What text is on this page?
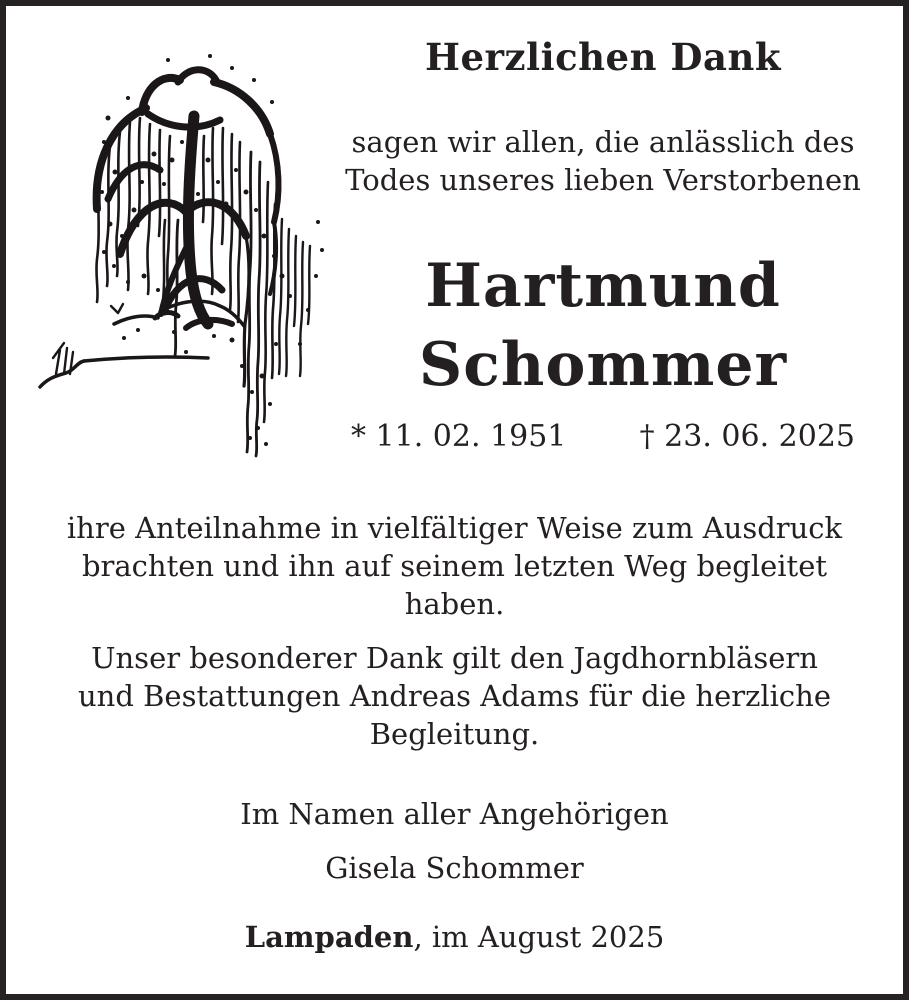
Herzlichen Dank
sagen wir allen, die anlässlich des
Todes unseres lieben Verstorbenen
Hartmund
Schommer
* 11. 02. 1951 † 23. 06. 2025
ihre Anteilnahme in vielfältiger Weise zum Ausdruck
brachten und ihn auf seinem letzten Weg begleitet
haben.
Unser besonderer Dank gilt den Jagdhornbläsern
und Bestattungen Andreas Adams für die herzliche
Begleitung.
Im Namen aller Angehörigen
Gisela Schommer
Lampaden, im August 2025
